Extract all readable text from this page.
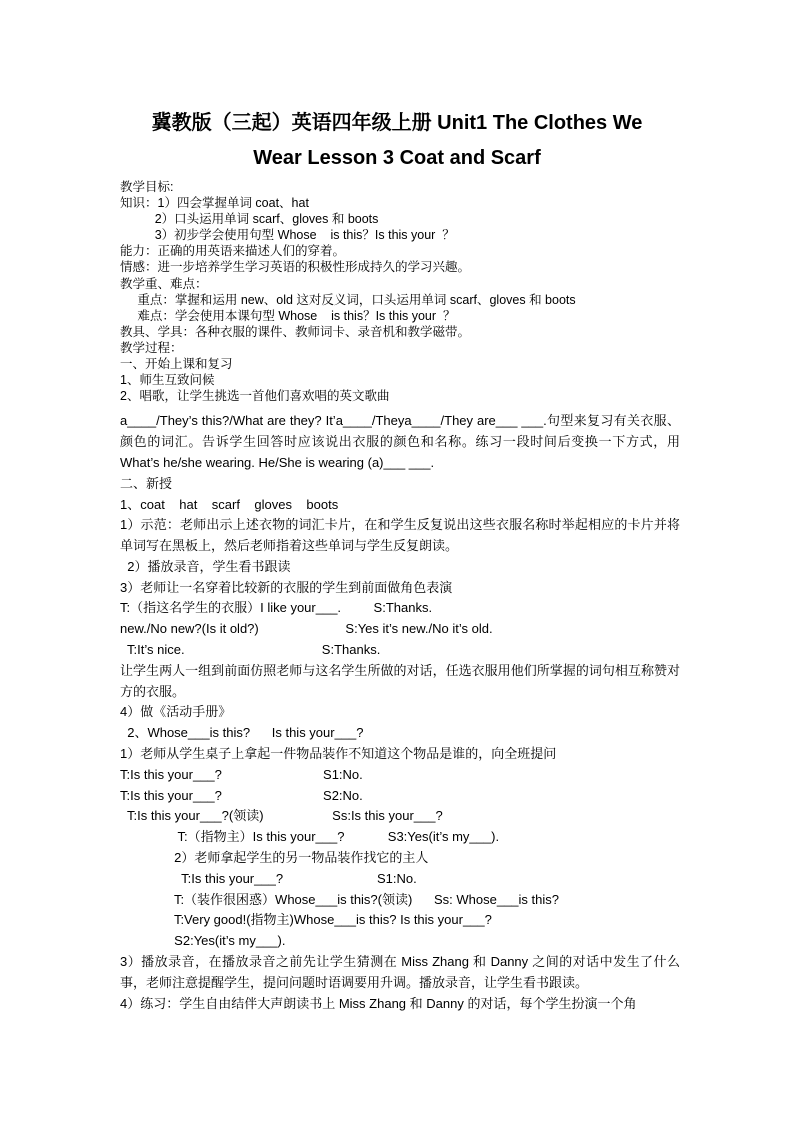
冀教版（三起）英语四年级上册 Unit1 The Clothes We
Wear Lesson 3 Coat and Scarf
教学目标:
知识：1）四会掌握单词 coat、hat
2）口头运用单词 scarf、gloves 和 boots
3）初步学会使用句型 Whose    is this？Is this your  ？
能力：正确的用英语来描述人们的穿着。
情感：进一步培养学生学习英语的积极性形成持久的学习兴趣。
教学重、难点：
重点：掌握和运用 new、old 这对反义词，口头运用单词 scarf、gloves 和 boots
难点：学会使用本课句型 Whose    is this？Is this your  ？
教具、学具：各种衣服的课件、教师词卡、录音机和教学磁带。
教学过程：
一、开始上课和复习
1、师生互致问候
2、唱歌，让学生挑选一首他们喜欢唱的英文歌曲
a____/They’s this?/What are they? It’a____/Theya____/They are___ ___.句型来复习有关衣服、颜色的词汇。告诉学生回答时应该说出衣服的颜色和名称。练习一段时间后变换一下方式，用 What’s he/she wearing. He/She is wearing (a)___ ___.
二、新授
1、coat    hat    scarf    gloves    boots
1）示范：老师出示上述衣物的词汇卡片，在和学生反复说出这些衣服名称时举起相应的卡片并将单词写在黑板上，然后老师指着这些单词与学生反复朗读。
2）播放录音，学生看书跟读
3）老师让一名穿着比较新的衣服的学生到前面做角色表演
T:（指这名学生的衣服）I like your___.         S:Thanks.
new./No new?(Is it old?)                        S:Yes it’s new./No it’s old.
T:It’s nice.                                      S:Thanks.
让学生两人一组到前面仿照老师与这名学生所做的对话，任选衣服用他们所掌握的词句相互称赞对方的衣服。
4）做《活动手册》
2、Whose___is this?      Is this your___?
1）老师从学生桌子上拿起一件物品装作不知道这个物品是谁的，向全班提问
T:Is this your___?                            S1:No.
T:Is this your___?                            S2:No.
T:Is this your___?(领读)                   Ss:Is this your___?
T:（指物主）Is this your___?            S3:Yes(it’s my___).
2）老师拿起学生的另一物品装作找它的主人
T:Is this your___?                          S1:No.
T:（装作很困惑）Whose___is this?(领读)      Ss: Whose___is this?
T:Very good!(指物主)Whose___is this? Is this your___?
S2:Yes(it’s my___).
3）播放录音，在播放录音之前先让学生猜测在 Miss Zhang 和 Danny 之间的对话中发生了什么事，老师注意提醒学生，提问问题时语调要用升调。播放录音，让学生看书跟读。
4）练习：学生自由结伴大声朗读书上 Miss Zhang 和 Danny 的对话，每个学生扮演一个角
